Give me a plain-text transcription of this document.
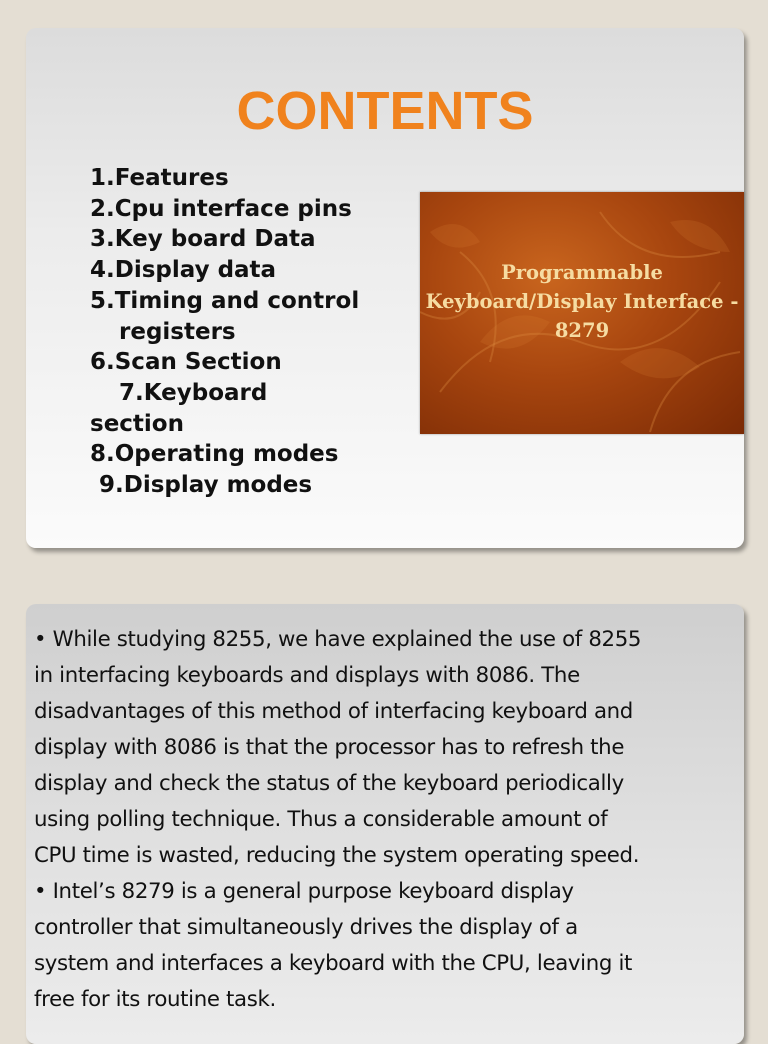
CONTENTS
1.Features
2.Cpu interface pins
3.Key board Data
4.Display data
5.Timing and control
registers
6.Scan Section
7.Keyboard
section
8.Operating modes
9.Display modes

Programmable
Keyboard/Display Interface -
8279

• While studying 8255, we have explained the use of 8255
in interfacing keyboards and displays with 8086. The
disadvantages of this method of interfacing keyboard and
display with 8086 is that the processor has to refresh the
display and check the status of the keyboard periodically
using polling technique. Thus a considerable amount of
CPU time is wasted, reducing the system operating speed.
• Intel’s 8279 is a general purpose keyboard display
controller that simultaneously drives the display of a
system and interfaces a keyboard with the CPU, leaving it
free for its routine task.
